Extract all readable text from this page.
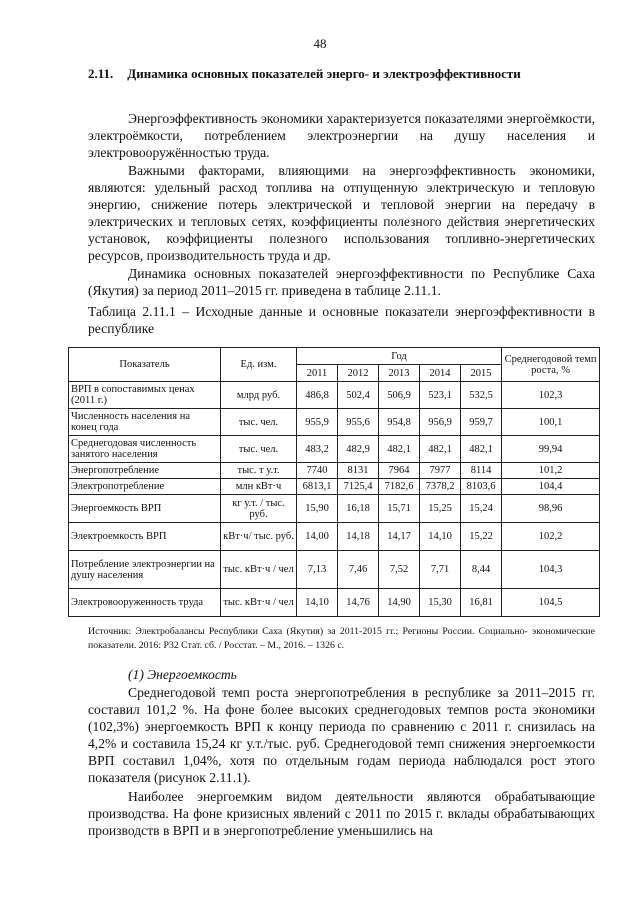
48
2.11. Динамика основных показателей энерго- и электроэффективности

Энергоэффективность экономики характеризуется показателями энергоёмкости, электроёмкости, потреблением электроэнергии на душу населения и электровооружённостью труда.

Важными факторами, влияющими на энергоэффективность экономики, являются: удельный расход топлива на отпущенную электрическую и тепловую энергию, снижение потерь электрической и тепловой энергии на передачу в электрических и тепловых сетях, коэффициенты полезного действия энергетических установок, коэффициенты полезного использования топливно-энергетических ресурсов, производительность труда и др.

Динамика основных показателей энергоэффективности по Республике Саха (Якутия) за период 2011–2015 гг. приведена в таблице 2.11.1.

Таблица 2.11.1 – Исходные данные и основные показатели энергоэффективности в республике

Показатель	Ед. изм.	Год					Среднегодовой темп роста, %
		2011	2012	2013	2014	2015	
ВРП в сопоставимых ценах (2011 г.)	млрд руб.	486,8	502,4	506,9	523,1	532,5	102,3
Численность населения на конец года	тыс. чел.	955,9	955,6	954,8	956,9	959,7	100,1
Среднегодовая численность занятого населения	тыс. чел.	483,2	482,9	482,1	482,1	482,1	99,94
Энергопотребление	тыс. т у.т.	7740	8131	7964	7977	8114	101,2
Электропотребление	млн кВт·ч	6813,1	7125,4	7182,6	7378,2	8103,6	104,4
Энергоемкость ВРП	кг у.т. / тыс. руб.	15,90	16,18	15,71	15,25	15,24	98,96
Электроемкость ВРП	кВт·ч/ тыс. руб.	14,00	14,18	14,17	14,10	15,22	102,2
Потребление электроэнергии на душу населения	тыс. кВт·ч / чел	7,13	7,46	7,52	7,71	8,44	104,3
Электровооруженность труда	тыс. кВт·ч / чел	14,10	14,76	14,90	15,30	16,81	104,5

Источник: Электробалансы Республики Саха (Якутия) за 2011-2015 гг.; Регионы России. Социально- экономические показатели. 2016: Р32 Стат. сб. / Росстат. – М., 2016. – 1326 с.

(1) Энергоемкость

Среднегодовой темп роста энергопотребления в республике за 2011–2015 гг. составил 101,2 %. На фоне более высоких среднегодовых темпов роста экономики (102,3%) энергоемкость ВРП к концу периода по сравнению с 2011 г. снизилась на 4,2% и составила 15,24 кг у.т./тыс. руб. Среднегодовой темп снижения энергоемкости ВРП составил 1,04%, хотя по отдельным годам периода наблюдался рост этого показателя (рисунок 2.11.1).

Наиболее энергоемким видом деятельности являются обрабатывающие производства. На фоне кризисных явлений с 2011 по 2015 г. вклады обрабатывающих производств в ВРП и в энергопотребление уменьшились на
